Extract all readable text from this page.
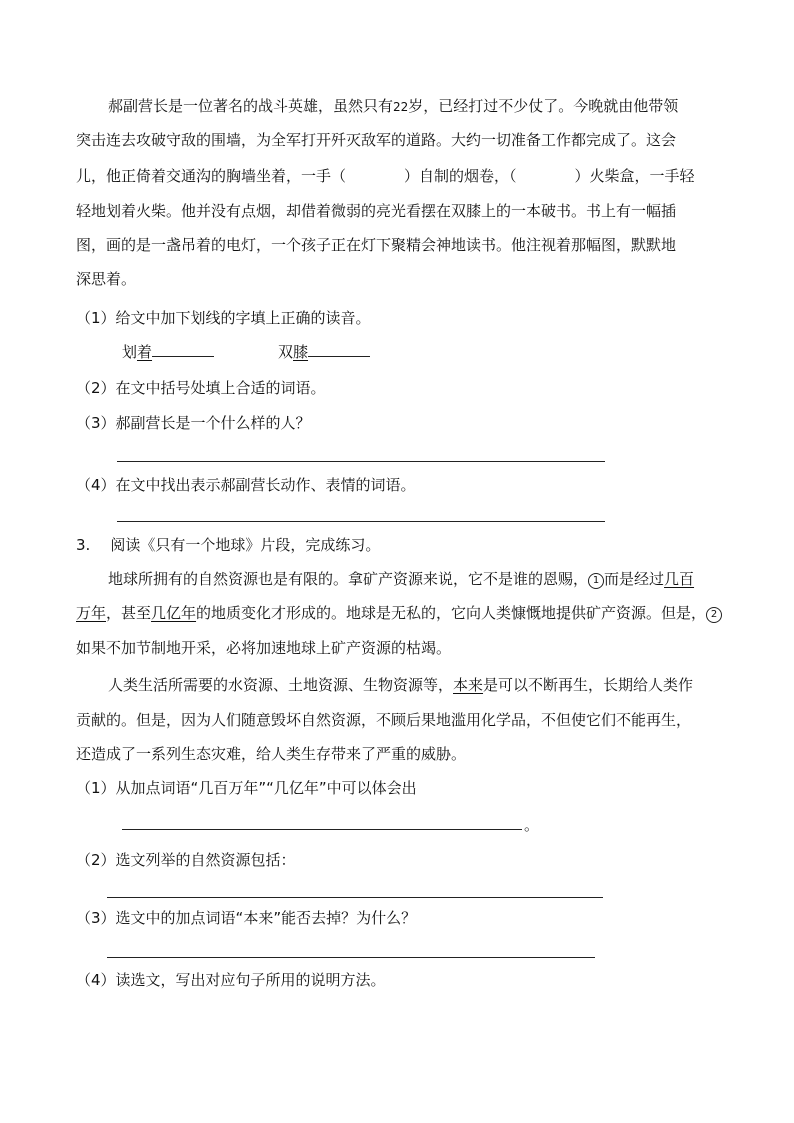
郝副营长是一位著名的战斗英雄，虽然只有22岁，已经打过不少仗了。今晚就由他带领
突击连去攻破守敌的围墙，为全军打开歼灭敌军的道路。大约一切准备工作都完成了。这会
儿，他正倚着交通沟的胸墙坐着，一手（	）自制的烟卷，（	）火柴盒，一手轻
轻地划着火柴。他并没有点烟，却借着微弱的亮光看摆在双膝上的一本破书。书上有一幅插
图，画的是一盏吊着的电灯，一个孩子正在灯下聚精会神地读书。他注视着那幅图，默默地
深思着。
（1）给文中加下划线的字填上正确的读音。
划着	双膝
（2）在文中括号处填上合适的词语。
（3）郝副营长是一个什么样的人？
（4）在文中找出表示郝副营长动作、表情的词语。
3. 阅读《只有一个地球》片段，完成练习。
地球所拥有的自然资源也是有限的。拿矿产资源来说，它不是谁的恩赐， 1 而是经过几百
万年，甚至几亿年的地质变化才形成的。地球是无私的，它向人类慷慨地提供矿产资源。但是， 2
如果不加节制地开采，必将加速地球上矿产资源的枯竭。
人类生活所需要的水资源、土地资源、生物资源等，本来是可以不断再生，长期给人类作
贡献的。但是，因为人们随意毁坏自然资源，不顾后果地滥用化学品，不但使它们不能再生，
还造成了一系列生态灾难，给人类生存带来了严重的威胁。
（1）从加点词语“几百万年”“几亿年”中可以体会出
。
（2）选文列举的自然资源包括：
（3）选文中的加点词语“本来”能否去掉？为什么？
（4）读选文，写出对应句子所用的说明方法。
